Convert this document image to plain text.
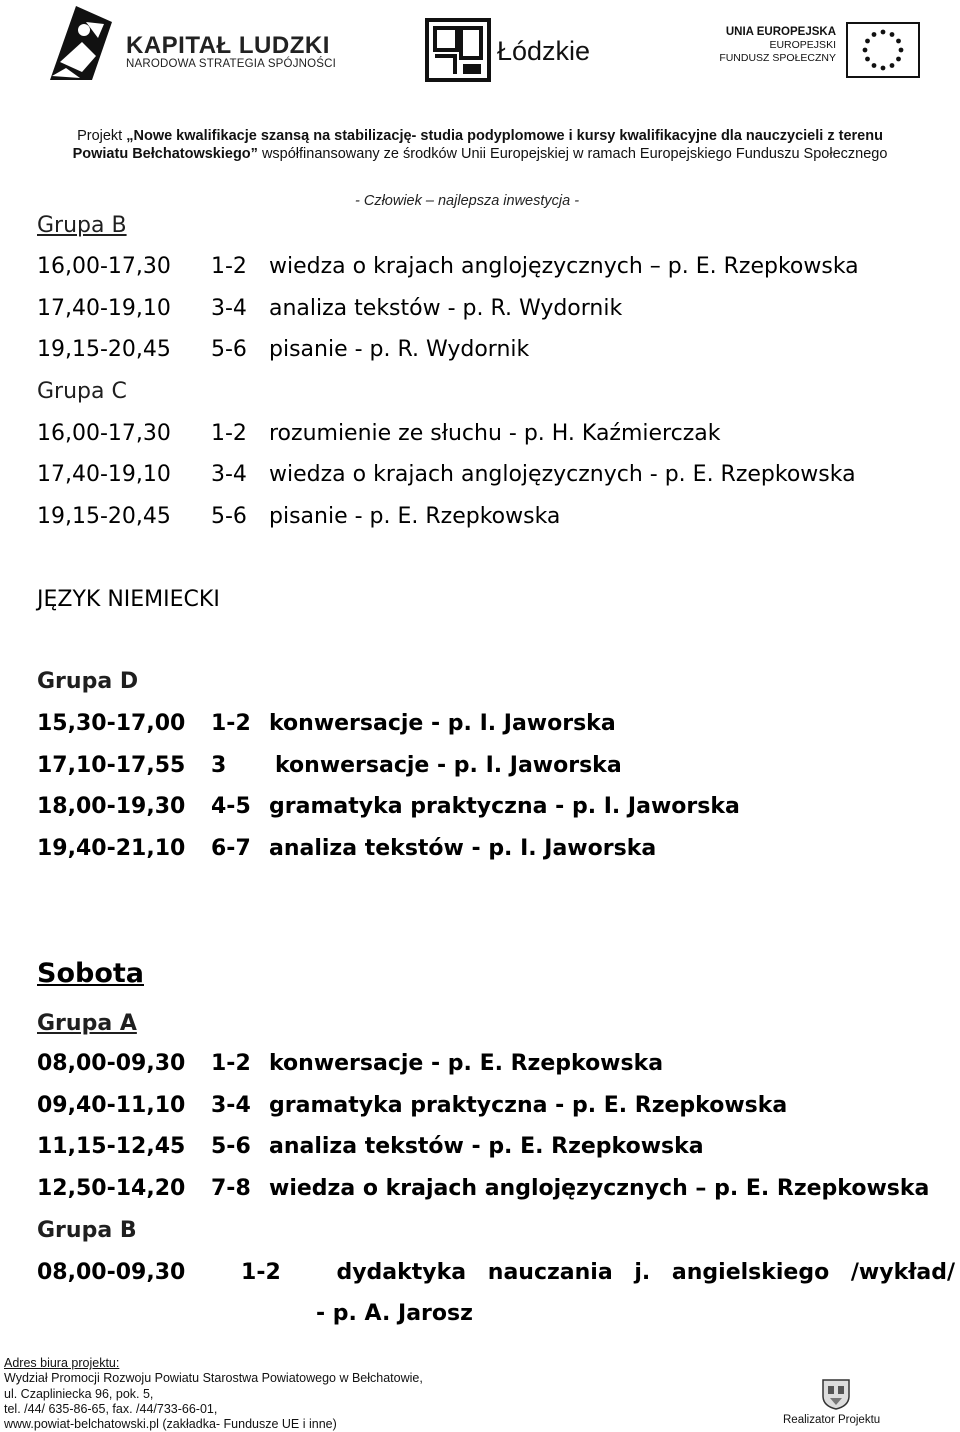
KAPITAŁ LUDZKI
NARODOWA STRATEGIA SPÓJNOŚCI	Łódzkie
UNIA EUROPEJSKA
EUROPEJSKI
FUNDUSZ SPOŁECZNY
Projekt „Nowe kwalifikacje szansą na stabilizację- studia podyplomowe i kursy kwalifikacyjne dla nauczycieli z terenu
Powiatu Bełchatowskiego” współfinansowany ze środków Unii Europejskiej w ramach Europejskiego Funduszu Społecznego
- Człowiek – najlepsza inwestycja -
Grupa B
16,00-17,30 1-2 wiedza o krajach anglojęzycznych – p. E. Rzepkowska
17,40-19,10 3-4 analiza tekstów - p. R. Wydornik
19,15-20,45 5-6 pisanie - p. R. Wydornik
Grupa C
16,00-17,30 1-2 rozumienie ze słuchu - p. H. Kaźmierczak
17,40-19,10 3-4 wiedza o krajach anglojęzycznych - p. E. Rzepkowska
19,15-20,45 5-6 pisanie - p. E. Rzepkowska
JĘZYK NIEMIECKI
Grupa D
15,30-17,00 1-2 konwersacje - p. I. Jaworska
17,10-17,55 3 konwersacje - p. I. Jaworska
18,00-19,30 4-5 gramatyka praktyczna - p. I. Jaworska
19,40-21,10 6-7 analiza tekstów - p. I. Jaworska
Sobota
Grupa A
08,00-09,30 1-2 konwersacje - p. E. Rzepkowska
09,40-11,10 3-4 gramatyka praktyczna - p. E. Rzepkowska
11,15-12,45 5-6 analiza tekstów - p. E. Rzepkowska
12,50-14,20 7-8 wiedza o krajach anglojęzycznych – p. E. Rzepkowska
Grupa B
08,00-09,30	1-2	dydaktyka nauczania j. angielskiego /wykład/
- p. A. Jarosz
Adres biura projektu:
Wydział Promocji Rozwoju Powiatu Starostwa Powiatowego w Bełchatowie,
ul. Czapliniecka 96, pok. 5,
tel. /44/ 635-86-65, fax. /44/733-66-01,
www.powiat-belchatowski.pl (zakładka- Fundusze UE i inne)	Realizator Projektu
